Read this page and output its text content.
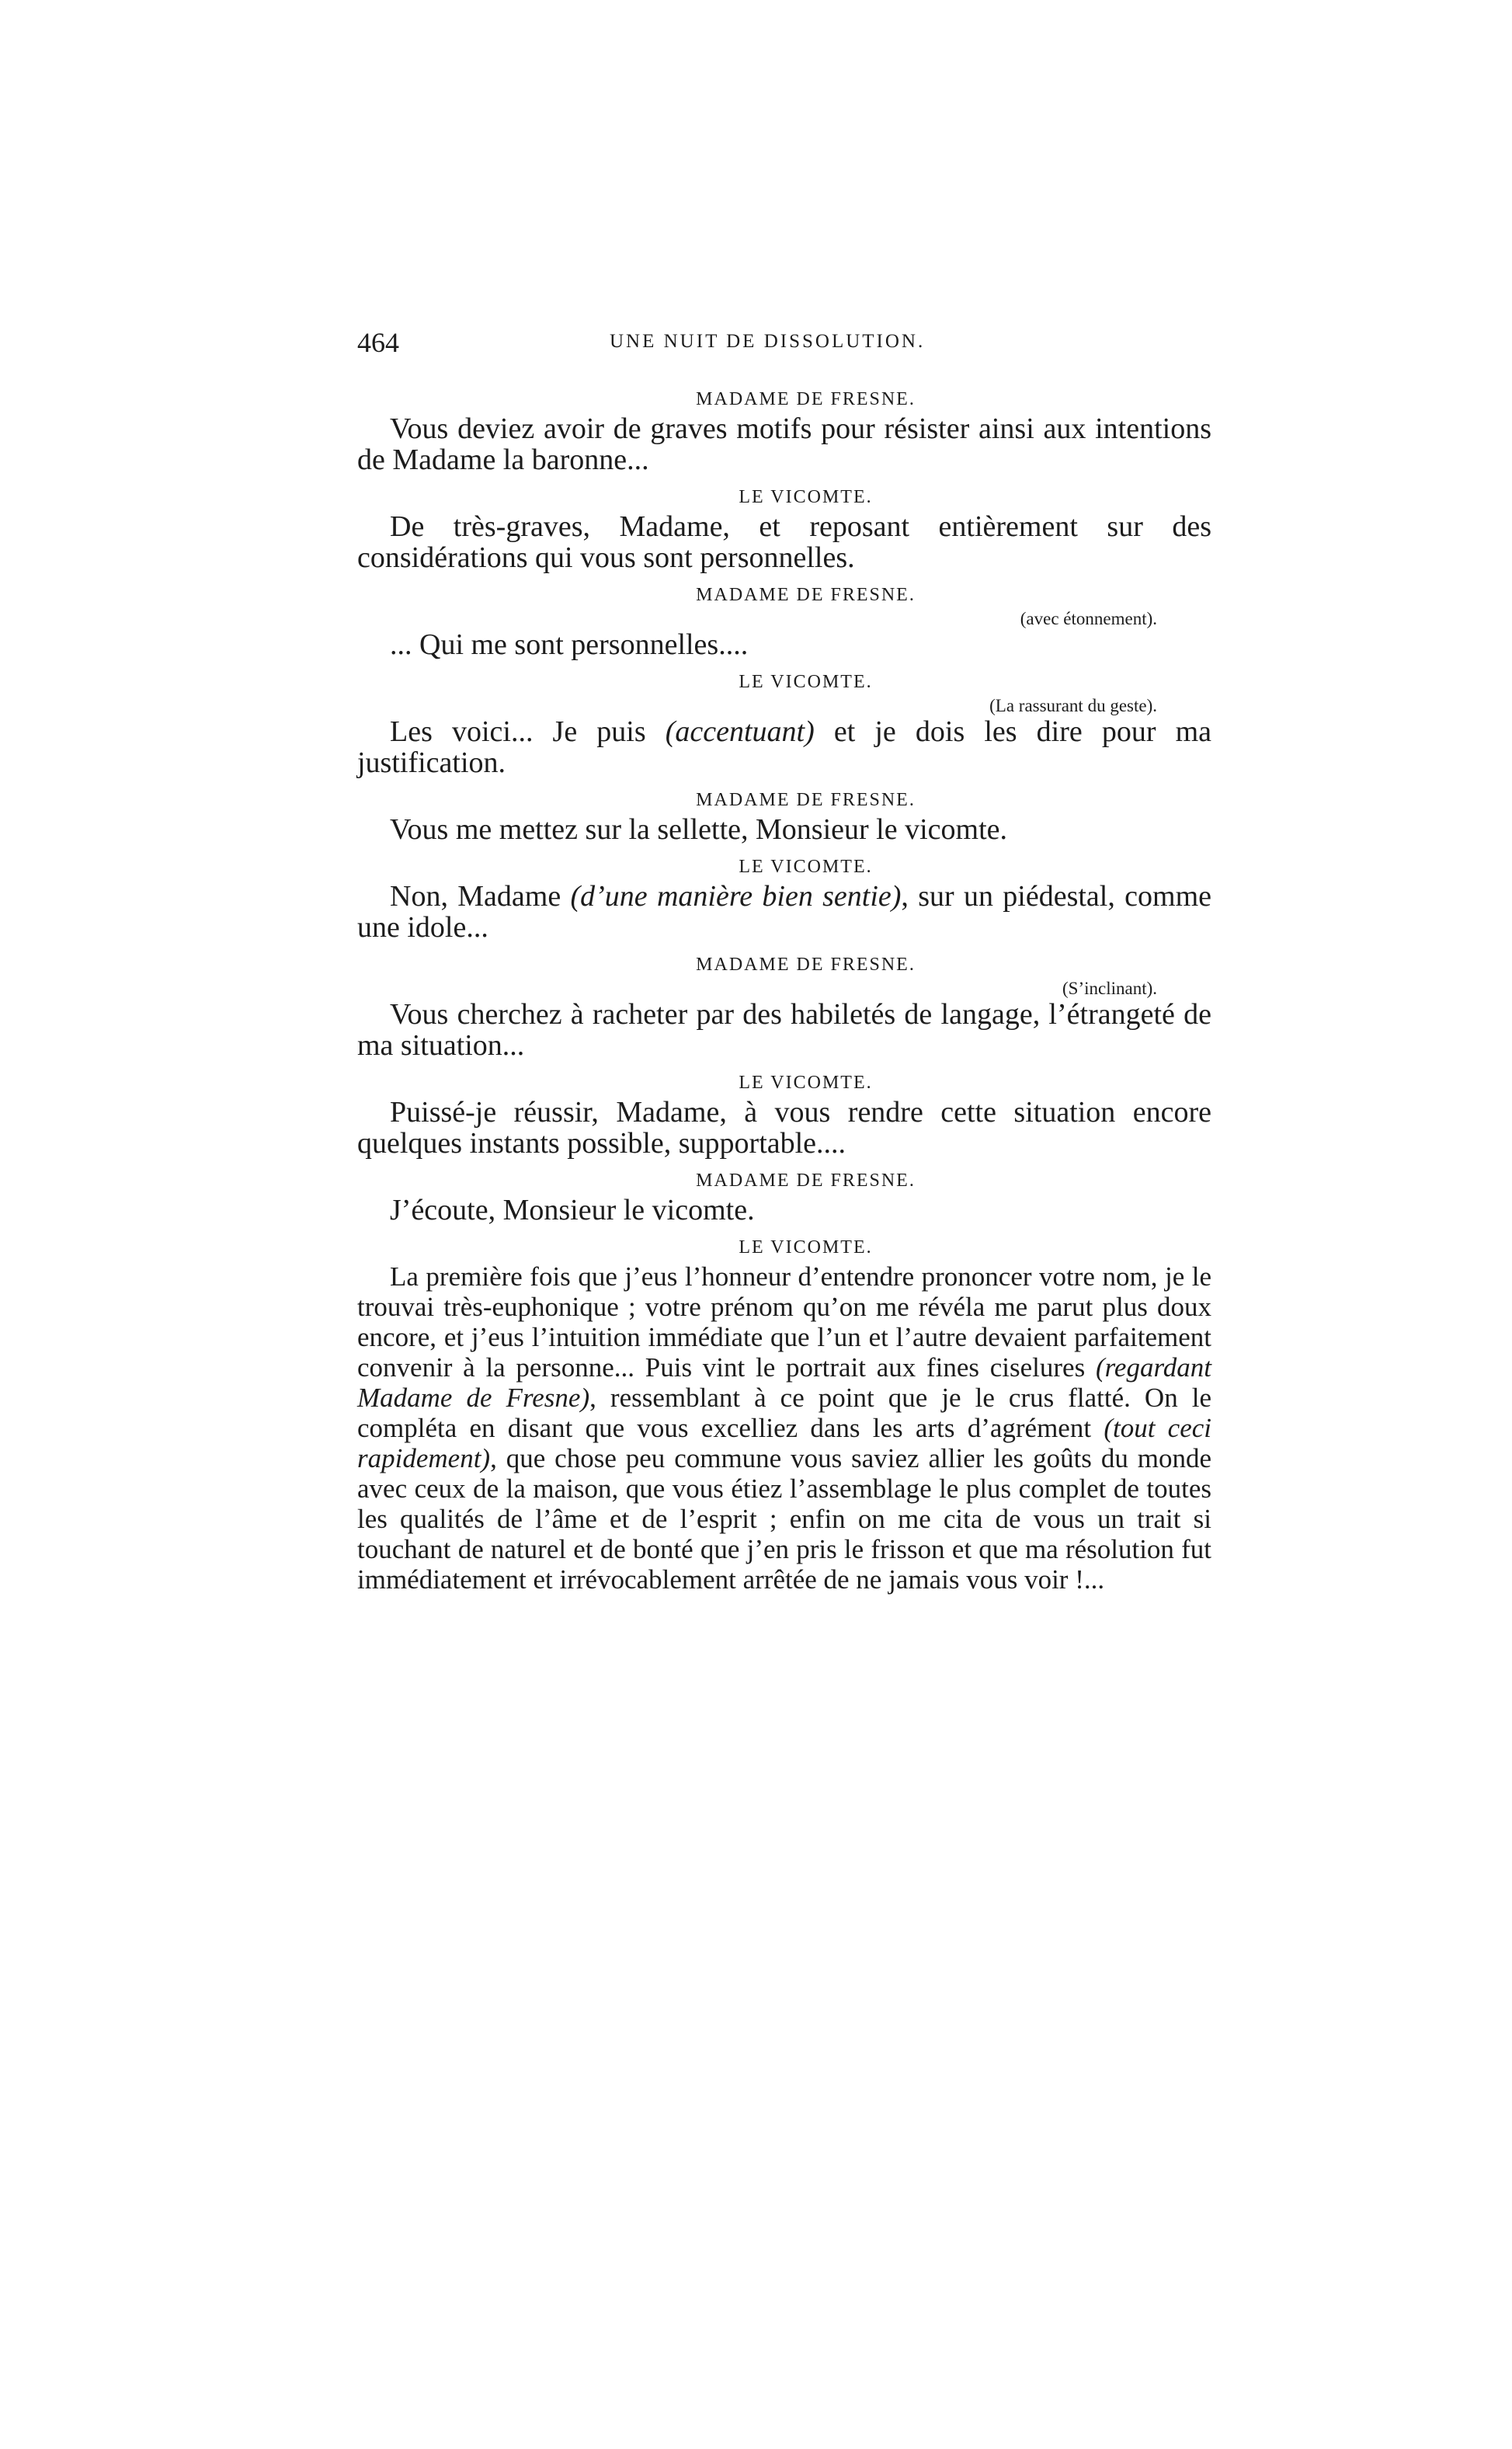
464	UNE NUIT DE DISSOLUTION.

MADAME DE FRESNE.

Vous deviez avoir de graves motifs pour résister ainsi aux intentions de Madame la baronne...

LE VICOMTE.

De très-graves, Madame, et reposant entièrement sur des considérations qui vous sont personnelles.

MADAME DE FRESNE.

(avec étonnement).

... Qui me sont personnelles....

LE VICOMTE.

(La rassurant du geste).

Les voici... Je puis (accentuant) et je dois les dire pour ma justification.

MADAME DE FRESNE.

Vous me mettez sur la sellette, Monsieur le vicomte.

LE VICOMTE.

Non, Madame (d’une manière bien sentie), sur un piédestal, comme une idole...

MADAME DE FRESNE.

(S’inclinant).

Vous cherchez à racheter par des habiletés de langage, l’étrangeté de ma situation...

LE VICOMTE.

Puissé-je réussir, Madame, à vous rendre cette situation encore quelques instants possible, supportable....

MADAME DE FRESNE.

J’écoute, Monsieur le vicomte.

LE VICOMTE.

La première fois que j’eus l’honneur d’entendre prononcer votre nom, je le trouvai très-euphonique ; votre prénom qu’on me révéla me parut plus doux encore, et j’eus l’intuition immédiate que l’un et l’autre devaient parfaitement convenir à la personne... Puis vint le portrait aux fines ciselures (regardant Madame de Fresne), ressemblant à ce point que je le crus flatté. On le compléta en disant que vous excelliez dans les arts d’agrément (tout ceci rapidement), que chose peu commune vous saviez allier les goûts du monde avec ceux de la maison, que vous étiez l’assemblage le plus complet de toutes les qualités de l’âme et de l’esprit ; enfin on me cita de vous un trait si touchant de naturel et de bonté que j’en pris le frisson et que ma résolution fut immédiatement et irrévocablement arrêtée de ne jamais vous voir !...
